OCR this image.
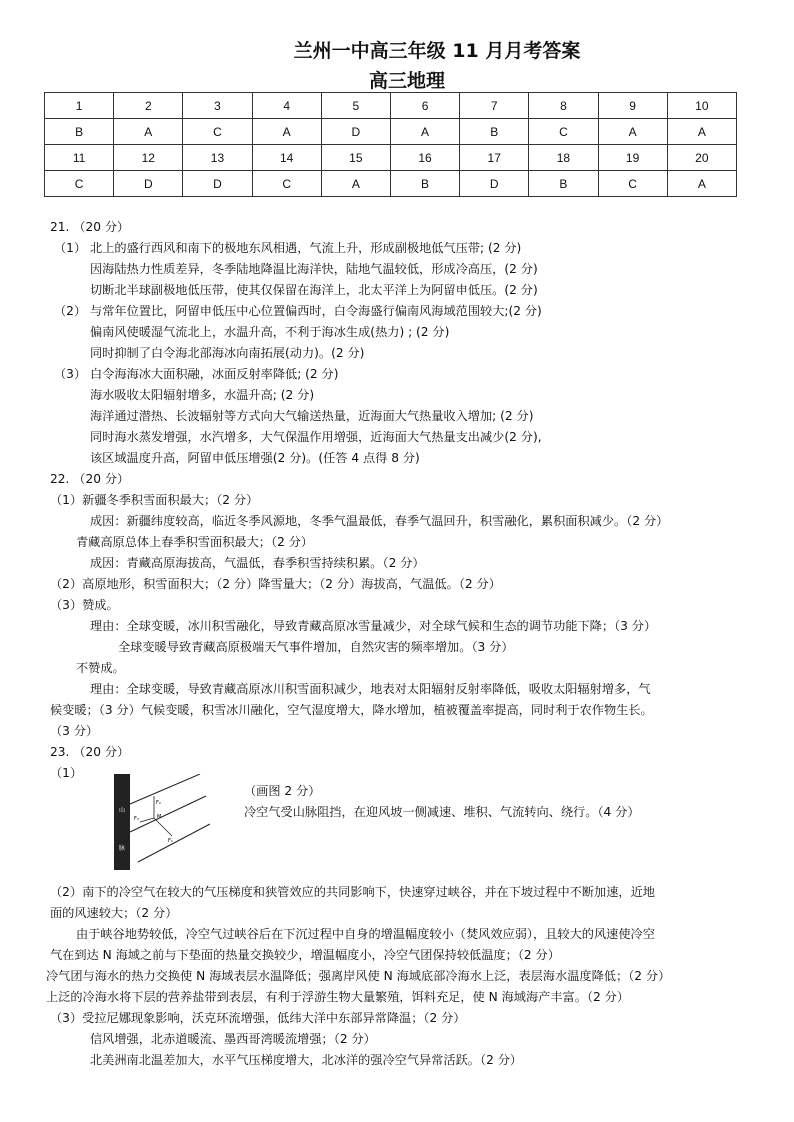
兰州一中高三年级 11 月月考答案
高三地理
1	2	3	4	5	6	7	8	9	10
B	A	C	A	D	A	B	C	A	A
11	12	13	14	15	16	17	18	19	20
C	D	D	C	A	B	D	B	C	A
21. （20 分）
（1） 北上的盛行西风和南下的极地东风相遇，气流上升，形成副极地低气压带; (2 分)
因海陆热力性质差异，冬季陆地降温比海洋快，陆地气温较低，形成冷高压，(2 分)
切断北半球副极地低压带，使其仅保留在海洋上，北太平洋上为阿留申低压。(2 分)
（2） 与常年位置比，阿留申低压中心位置偏西时，白令海盛行偏南风海域范围较大;(2 分)
偏南风使暖湿气流北上，水温升高，不利于海冰生成(热力) ; (2 分)
同时抑制了白令海北部海冰向南拓展(动力)。(2 分)
（3） 白令海海冰大面积融，冰面反射率降低; (2 分)
海水吸收太阳辐射增多，水温升高; (2 分)
海洋通过潜热、长波辐射等方式向大气输送热量，近海面大气热量收入增加; (2 分)
同时海水蒸发增强，水汽增多，大气保温作用增强，近海面大气热量支出减少(2 分),
该区域温度升高，阿留申低压增强(2 分)。(任答 4 点得 8 分)
22. （20 分）
（1）新疆冬季积雪面积最大；（2 分）
成因：新疆纬度较高，临近冬季风源地，冬季气温最低，春季气温回升，积雪融化，累积面积减少。（2 分）
青藏高原总体上春季积雪面积最大；（2 分）
成因：青藏高原海拔高，气温低，春季积雪持续积累。（2 分）
（2）高原地形，积雪面积大；（2 分）降雪量大；（2 分）海拔高，气温低。（2 分）
（3）赞成。
理由：全球变暖，冰川积雪融化，导致青藏高原冰雪量减少，对全球气候和生态的调节功能下降；（3 分）
全球变暖导致青藏高原极端天气事件增加，自然灾害的频率增加。（3 分）
不赞成。
理由：全球变暖，导致青藏高原冰川积雪面积减少，地表对太阳辐射反射率降低，吸收太阳辐射增多，气
候变暖；（3 分）气候变暖，积雪冰川融化，空气湿度增大，降水增加，植被覆盖率提高，同时利于农作物生长。
（3 分）
23. （20 分）
（1）
（画图 2 分）
冷空气受山脉阻挡，在迎风坡一侧减速、堆积、气流转向、绕行。（4 分）
（2）南下的冷空气在较大的气压梯度和狭管效应的共同影响下，快速穿过峡谷，并在下坡过程中不断加速，近地
面的风速较大；（2 分）
由于峡谷地势较低，冷空气过峡谷后在下沉过程中自身的增温幅度较小（焚风效应弱），且较大的风速使冷空
气在到达 N 海域之前与下垫面的热量交换较少，增温幅度小，冷空气团保持较低温度；（2 分）
冷气团与海水的热力交换使 N 海域表层水温降低；强离岸风使 N 海域底部冷海水上泛，表层海水温度降低；（2 分）
上泛的冷海水将下层的营养盐带到表层，有利于浮游生物大量繁殖，饵料充足，使 N 海域海产丰富。（2 分）
（3）受拉尼娜现象影响，沃克环流增强，低纬大洋中东部异常降温；（2 分）
信风增强，北赤道暖流、墨西哥湾暖流增强；（2 分）
北美洲南北温差加大，水平气压梯度增大，北冰洋的强冷空气异常活跃。（2 分）
山
脉
F₂
F₃	M
F₁
